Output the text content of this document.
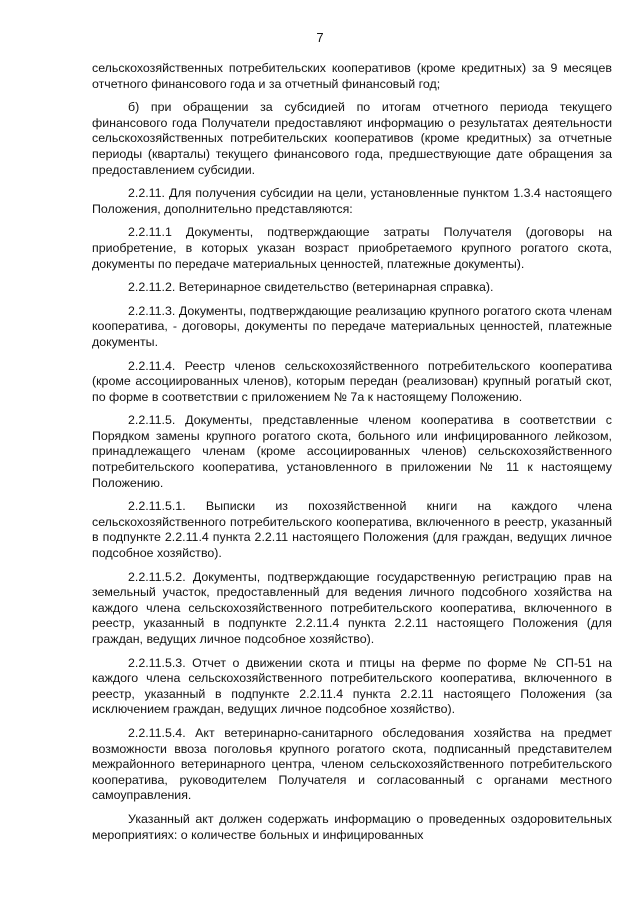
7

сельскохозяйственных потребительских кооперативов (кроме кредитных) за 9 месяцев отчетного финансового года и за отчетный финансовый год;

б) при обращении за субсидией по итогам отчетного периода текущего финансового года Получатели предоставляют информацию о результатах деятельности сельскохозяйственных потребительских кооперативов (кроме кредитных) за отчетные периоды (кварталы) текущего финансового года, предшествующие дате обращения за предоставлением субсидии.

2.2.11. Для получения субсидии на цели, установленные пунктом 1.3.4 настоящего Положения, дополнительно представляются:

2.2.11.1 Документы, подтверждающие затраты Получателя (договоры на приобретение, в которых указан возраст приобретаемого крупного рогатого скота, документы по передаче материальных ценностей, платежные документы).

2.2.11.2. Ветеринарное свидетельство (ветеринарная справка).

2.2.11.3. Документы, подтверждающие реализацию крупного рогатого скота членам кооператива, - договоры, документы по передаче материальных ценностей, платежные документы.

2.2.11.4. Реестр членов сельскохозяйственного потребительского кооператива (кроме ассоциированных членов), которым передан (реализован) крупный рогатый скот, по форме в соответствии с приложением № 7а к настоящему Положению.

2.2.11.5. Документы, представленные членом кооператива в соответствии с Порядком замены крупного рогатого скота, больного или инфицированного лейкозом, принадлежащего членам (кроме ассоциированных членов) сельскохозяйственного потребительского кооператива, установленного в приложении № 11 к настоящему Положению.

2.2.11.5.1. Выписки из похозяйственной книги на каждого члена сельскохозяйственного потребительского кооператива, включенного в реестр, указанный в подпункте 2.2.11.4 пункта 2.2.11 настоящего Положения (для граждан, ведущих личное подсобное хозяйство).

2.2.11.5.2. Документы, подтверждающие государственную регистрацию прав на земельный участок, предоставленный для ведения личного подсобного хозяйства на каждого члена сельскохозяйственного потребительского кооператива, включенного в реестр, указанный в подпункте 2.2.11.4 пункта 2.2.11 настоящего Положения (для граждан, ведущих личное подсобное хозяйство).

2.2.11.5.3. Отчет о движении скота и птицы на ферме по форме № СП-51 на каждого члена сельскохозяйственного потребительского кооператива, включенного в реестр, указанный в подпункте 2.2.11.4 пункта 2.2.11 настоящего Положения (за исключением граждан, ведущих личное подсобное хозяйство).

2.2.11.5.4. Акт ветеринарно-санитарного обследования хозяйства на предмет возможности ввоза поголовья крупного рогатого скота, подписанный представителем межрайонного ветеринарного центра, членом сельскохозяйственного потребительского кооператива, руководителем Получателя и согласованный с органами местного самоуправления.

Указанный акт должен содержать информацию о проведенных оздоровительных мероприятиях: о количестве больных и инфицированных
